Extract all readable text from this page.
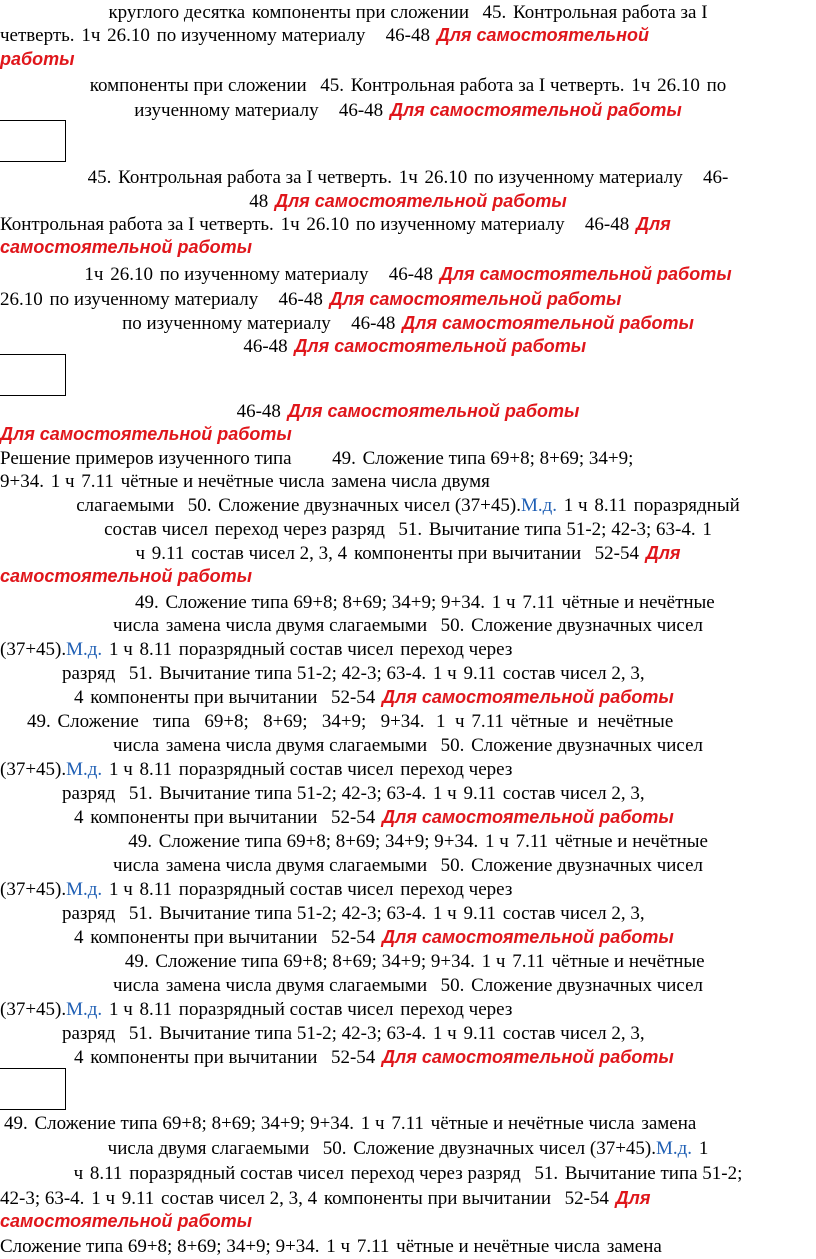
круглого десятка компоненты при сложении  45. Контрольная работа за I
четверть. 1ч 26.10 по изученному материалу   46-48 Для самостоятельной
работы
компоненты при сложении  45. Контрольная работа за I четверть. 1ч 26.10 по
изученному материалу   46-48 Для самостоятельной работы
45. Контрольная работа за I четверть. 1ч 26.10 по изученному материалу   46-
48 Для самостоятельной работы
Контрольная работа за I четверть. 1ч 26.10 по изученному материалу   46-48 Для
самостоятельной работы
1ч 26.10 по изученному материалу   46-48 Для самостоятельной работы
26.10 по изученному материалу   46-48 Для самостоятельной работы
по изученному материалу   46-48 Для самостоятельной работы
46-48 Для самостоятельной работы
46-48 Для самостоятельной работы
Для самостоятельной работы
Решение примеров изученного типа      49. Сложение типа 69+8; 8+69; 34+9;
9+34. 1 ч 7.11 чётные и нечётные числа замена числа двумя
слагаемыми  50. Сложение двузначных чисел (37+45).М.д. 1 ч 8.11 поразрядный
состав чисел переход через разряд  51. Вычитание типа 51-2; 42-3; 63-4. 1
ч 9.11 состав чисел 2, 3, 4 компоненты при вычитании  52-54 Для
самостоятельной работы
49. Сложение типа 69+8; 8+69; 34+9; 9+34. 1 ч 7.11 чётные и нечётные
числа замена числа двумя слагаемыми  50. Сложение двузначных чисел
(37+45).М.д. 1 ч 8.11 поразрядный состав чисел переход через
разряд  51. Вычитание типа 51-2; 42-3; 63-4. 1 ч 9.11 состав чисел 2, 3,
4 компоненты при вычитании  52-54 Для самостоятельной работы
49. Сложение   типа   69+8;   8+69;   34+9;   9+34.  1  ч 7.11 чётные  и  нечётные
числа замена числа двумя слагаемыми  50. Сложение двузначных чисел
(37+45).М.д. 1 ч 8.11 поразрядный состав чисел переход через
разряд  51. Вычитание типа 51-2; 42-3; 63-4. 1 ч 9.11 состав чисел 2, 3,
4 компоненты при вычитании  52-54 Для самостоятельной работы
49. Сложение типа 69+8; 8+69; 34+9; 9+34. 1 ч 7.11 чётные и нечётные
числа замена числа двумя слагаемыми  50. Сложение двузначных чисел
(37+45).М.д. 1 ч 8.11 поразрядный состав чисел переход через
разряд  51. Вычитание типа 51-2; 42-3; 63-4. 1 ч 9.11 состав чисел 2, 3,
4 компоненты при вычитании  52-54 Для самостоятельной работы
49. Сложение типа 69+8; 8+69; 34+9; 9+34. 1 ч 7.11 чётные и нечётные
числа замена числа двумя слагаемыми  50. Сложение двузначных чисел
(37+45).М.д. 1 ч 8.11 поразрядный состав чисел переход через
разряд  51. Вычитание типа 51-2; 42-3; 63-4. 1 ч 9.11 состав чисел 2, 3,
4 компоненты при вычитании  52-54 Для самостоятельной работы
49. Сложение типа 69+8; 8+69; 34+9; 9+34. 1 ч 7.11 чётные и нечётные числа замена
числа двумя слагаемыми  50. Сложение двузначных чисел (37+45).М.д. 1
ч 8.11 поразрядный состав чисел переход через разряд  51. Вычитание типа 51-2;
42-3; 63-4. 1 ч 9.11 состав чисел 2, 3, 4 компоненты при вычитании  52-54 Для
самостоятельной работы
Сложение типа 69+8; 8+69; 34+9; 9+34. 1 ч 7.11 чётные и нечётные числа замена
